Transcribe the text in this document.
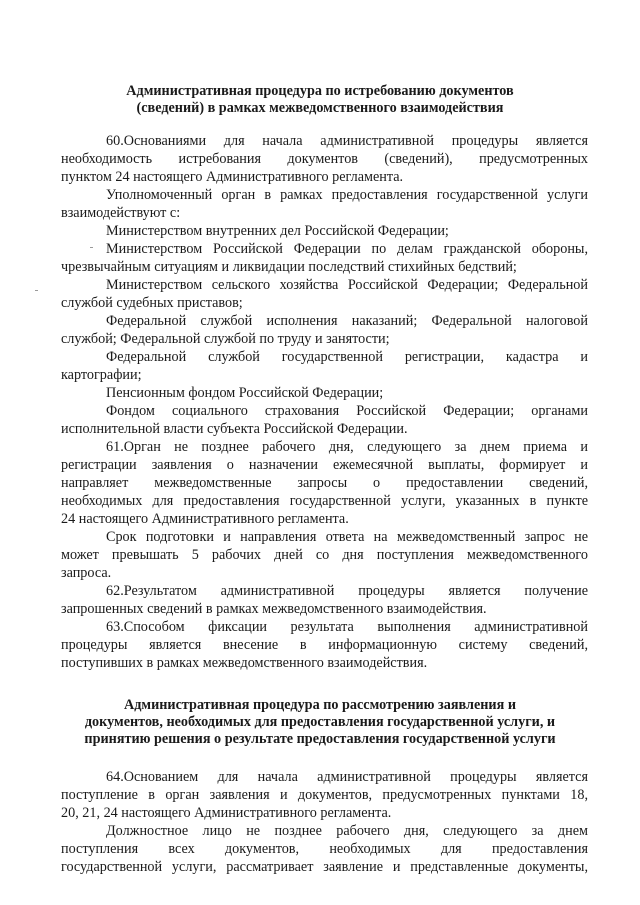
Административная процедура по истребованию документов
(сведений) в рамках межведомственного взаимодействия
60.Основаниями для начала административной процедуры является
необходимость истребования документов (сведений), предусмотренных
пунктом 24 настоящего Административного регламента.
Уполномоченный орган в рамках предоставления государственной услуги
взаимодействуют с:
Министерством внутренних дел Российской Федерации;
Министерством Российской Федерации по делам гражданской обороны,
чрезвычайным ситуациям и ликвидации последствий стихийных бедствий;
Министерством сельского хозяйства Российской Федерации; Федеральной
службой судебных приставов;
Федеральной службой исполнения наказаний; Федеральной налоговой
службой; Федеральной службой по труду и занятости;
Федеральной службой государственной регистрации, кадастра и
картографии;
Пенсионным фондом Российской Федерации;
Фондом социального страхования Российской Федерации; органами
исполнительной власти субъекта Российской Федерации.
61.Орган не позднее рабочего дня, следующего за днем приема и
регистрации заявления о назначении ежемесячной выплаты, формирует и
направляет межведомственные запросы о предоставлении сведений,
необходимых для предоставления государственной услуги, указанных в пункте
24 настоящего Административного регламента.
Срок подготовки и направления ответа на межведомственный запрос не
может превышать 5 рабочих дней со дня поступления межведомственного
запроса.
62.Результатом административной процедуры является получение
запрошенных сведений в рамках межведомственного взаимодействия.
63.Способом фиксации результата выполнения административной
процедуры является внесение в информационную систему сведений,
поступивших в рамках межведомственного взаимодействия.
Административная процедура по рассмотрению заявления и
документов, необходимых для предоставления государственной услуги, и
принятию решения о результате предоставления государственной услуги
64.Основанием для начала административной процедуры является
поступление в орган заявления и документов, предусмотренных пунктами 18,
20, 21, 24 настоящего Административного регламента.
Должностное лицо не позднее рабочего дня, следующего за днем
поступления всех документов, необходимых для предоставления
государственной услуги, рассматривает заявление и представленные документы,
